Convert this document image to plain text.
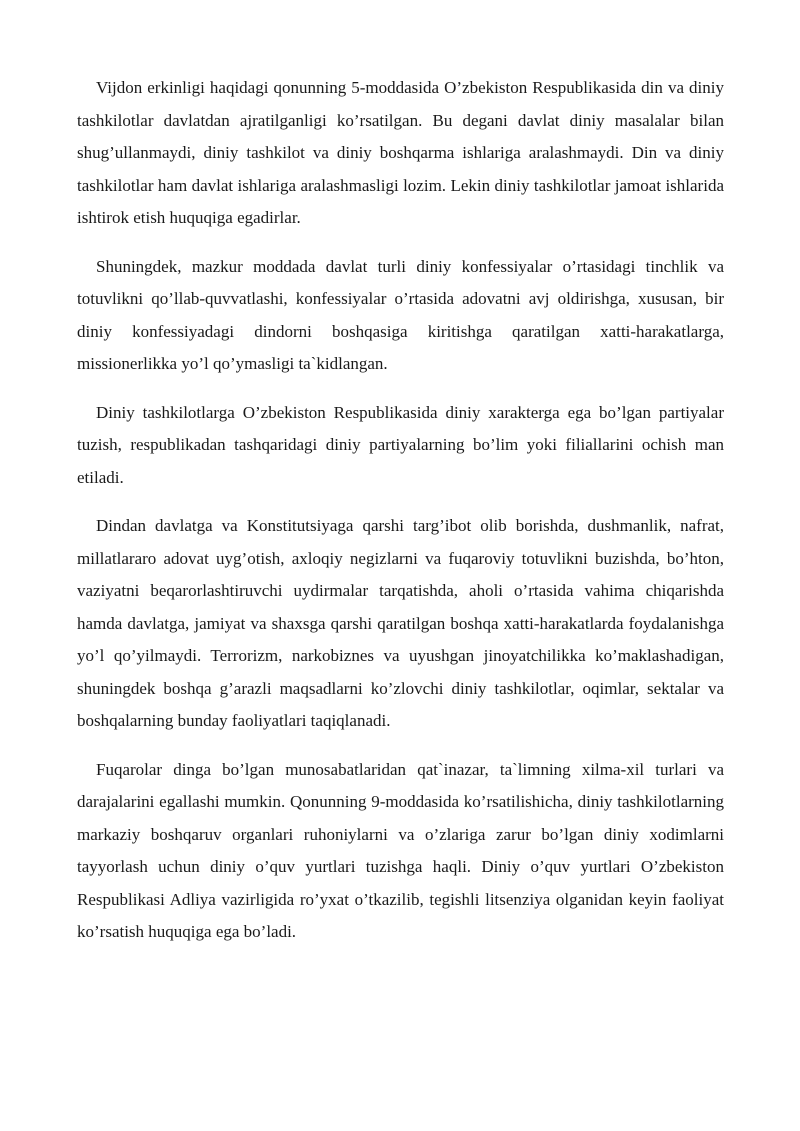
Vijdon erkinligi haqidagi qonunning 5-moddasida O’zbekiston Respublikasida din va diniy tashkilotlar davlatdan ajratilganligi ko’rsatilgan. Bu degani davlat diniy masalalar bilan shug’ullanmaydi, diniy tashkilot va diniy boshqarma ishlariga aralashmaydi. Din va diniy tashkilotlar ham davlat ishlariga aralashmasligi lozim. Lekin diniy tashkilotlar jamoat ishlarida ishtirok etish huquqiga egadirlar.

Shuningdek, mazkur moddada davlat turli diniy konfessiyalar o’rtasidagi tinchlik va totuvlikni qo’llab-quvvatlashi, konfessiyalar o’rtasida adovatni avj oldirishga, xususan, bir diniy konfessiyadagi dindorni boshqasiga kiritishga qaratilgan xatti-harakatlarga, missionerlikka yo’l qo’ymasligi ta`kidlangan.

Diniy tashkilotlarga O’zbekiston Respublikasida diniy xarakterga ega bo’lgan partiyalar tuzish, respublikadan tashqaridagi diniy partiyalarning bo’lim yoki filiallarini ochish man etiladi.

Dindan davlatga va Konstitutsiyaga qarshi targ’ibot olib borishda, dushmanlik, nafrat, millatlararo adovat uyg’otish, axloqiy negizlarni va fuqaroviy totuvlikni buzishda, bo’hton, vaziyatni beqarorlashtiruvchi uydirmalar tarqatishda, aholi o’rtasida vahima chiqarishda hamda davlatga, jamiyat va shaxsga qarshi qaratilgan boshqa xatti-harakatlarda foydalanishga yo’l qo’yilmaydi. Terrorizm, narkobiznes va uyushgan jinoyatchilikka ko’maklashadigan, shuningdek boshqa g’arazli maqsadlarni ko’zlovchi diniy tashkilotlar, oqimlar, sektalar va boshqalarning bunday faoliyatlari taqiqlanadi.

Fuqarolar dinga bo’lgan munosabatlaridan qat`inazar, ta`limning xilma-xil turlari va darajalarini egallashi mumkin. Qonunning 9-moddasida ko’rsatilishicha, diniy tashkilotlarning markaziy boshqaruv organlari ruhoniylarni va o’zlariga zarur bo’lgan diniy xodimlarni tayyorlash uchun diniy o’quv yurtlari tuzishga haqli. Diniy o’quv yurtlari O’zbekiston Respublikasi Adliya vazirligida ro’yxat o’tkazilib, tegishli litsenziya olganidan keyin faoliyat ko’rsatish huquqiga ega bo’ladi.
